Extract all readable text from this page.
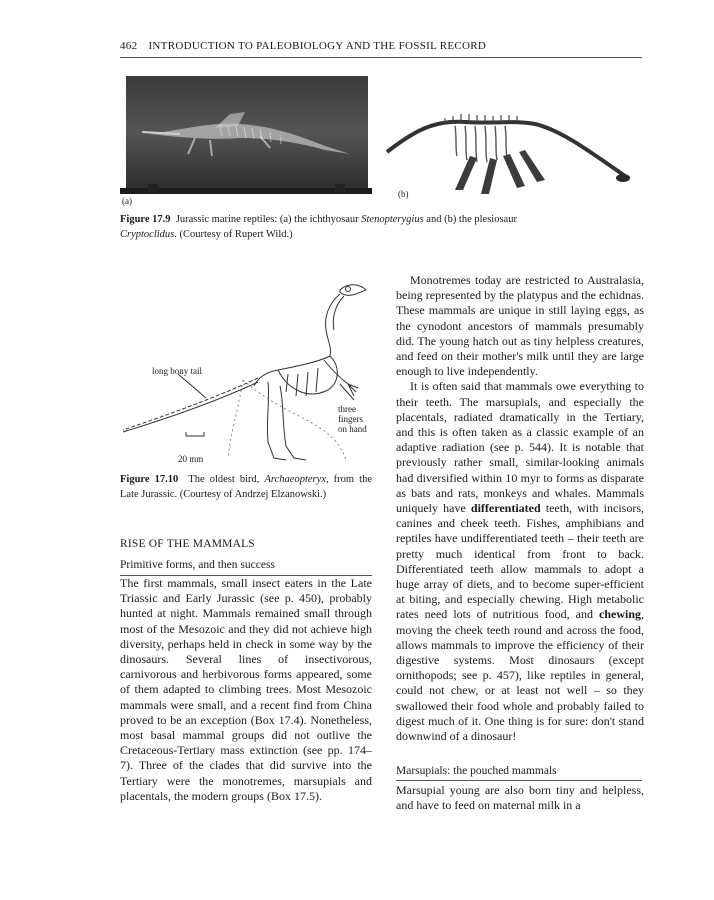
462 INTRODUCTION TO PALEOBIOLOGY AND THE FOSSIL RECORD
(a)
(b)
Figure 17.9 Jurassic marine reptiles: (a) the ichthyosaur Stenopterygius and (b) the plesiosaur
Cryptoclidus. (Courtesy of Rupert Wild.)
long bony tail
three
fingers
on hand
20 mm
Figure 17.10 The oldest bird, Archaeopteryx, from the Late Jurassic. (Courtesy of Andrzej Elzanowski.)
RISE OF THE MAMMALS
Primitive forms, and then success

The first mammals, small insect eaters in the Late Triassic and Early Jurassic (see p. 450), probably hunted at night. Mammals remained small through most of the Mesozoic and they did not achieve high diversity, perhaps held in check in some way by the dinosaurs. Several lines of insectivorous, carnivorous and herbivorous forms appeared, some of them adapted to climbing trees. Most Mesozoic mammals were small, and a recent find from China proved to be an exception (Box 17.4). Nonetheless, most basal mammal groups did not outlive the Cretaceous-Tertiary mass extinction (see pp. 174–7). Three of the clades that did survive into the Tertiary were the monotremes, marsupials and placentals, the modern groups (Box 17.5).

Monotremes today are restricted to Australasia, being represented by the platypus and the echidnas. These mammals are unique in still laying eggs, as the cynodont ancestors of mammals presumably did. The young hatch out as tiny helpless creatures, and feed on their mother's milk until they are large enough to live independently.

It is often said that mammals owe everything to their teeth. The marsupials, and especially the placentals, radiated dramatically in the Tertiary, and this is often taken as a classic example of an adaptive radiation (see p. 544). It is notable that previously rather small, similar-looking animals had diversified within 10 myr to forms as disparate as bats and rats, monkeys and whales. Mammals uniquely have differentiated teeth, with incisors, canines and cheek teeth. Fishes, amphibians and reptiles have undifferentiated teeth – their teeth are pretty much identical from front to back. Differentiated teeth allow mammals to adopt a huge array of diets, and to become super-efficient at biting, and especially chewing. High metabolic rates need lots of nutritious food, and chewing, moving the cheek teeth round and across the food, allows mammals to improve the efficiency of their digestive systems. Most dinosaurs (except ornithopods; see p. 457), like reptiles in general, could not chew, or at least not well – so they swallowed their food whole and probably failed to digest much of it. One thing is for sure: don't stand downwind of a dinosaur!

Marsupials: the pouched mammals

Marsupial young are also born tiny and helpless, and have to feed on maternal milk in a
